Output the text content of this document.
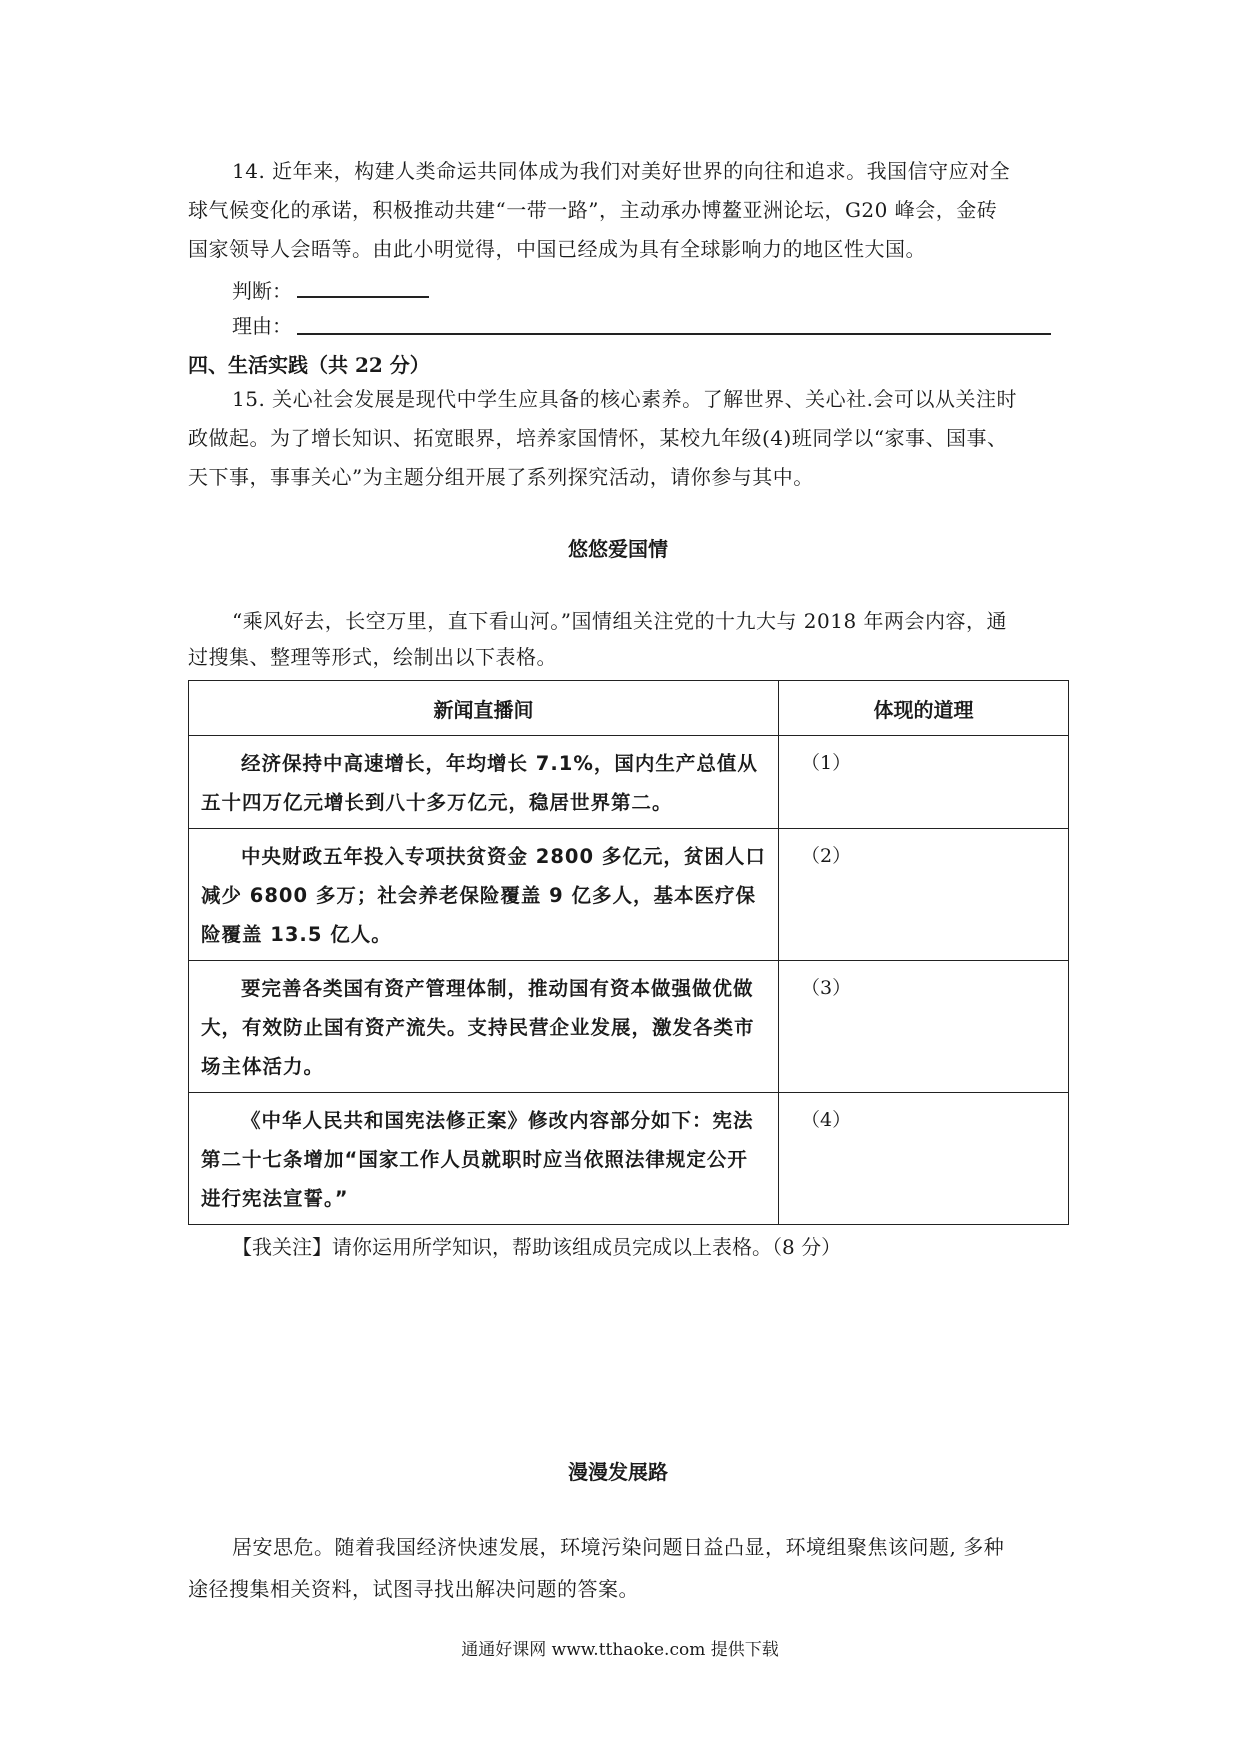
14. 近年来，构建人类命运共同体成为我们对美好世界的向往和追求。我国信守应对全
球气候变化的承诺，积极推动共建“一带一路”，主动承办博鳌亚洲论坛，G20 峰会，金砖
国家领导人会晤等。由此小明觉得，中国已经成为具有全球影响力的地区性大国。
判断：
理由：
四、生活实践（共 22 分）
15. 关心社会发展是现代中学生应具备的核心素养。了解世界、关心社.会可以从关注时
政做起。为了增长知识、拓宽眼界，培养家国情怀，某校九年级(4)班同学以“家事、国事、
天下事，事事关心”为主题分组开展了系列探究活动，请你参与其中。
悠悠爱国情
“乘风好去，长空万里，直下看山河。”国情组关注党的十九大与 2018 年两会内容，通
过搜集、整理等形式，绘制出以下表格。
新闻直播间	体现的道理

经济保持中高速增长，年均增长 7.1%，国内生产总值从五十四万亿元增长到八十多万亿元，稳居世界第二。	（1）

中央财政五年投入专项扶贫资金 2800 多亿元，贫困人口减少 6800 多万；社会养老保险覆盖 9 亿多人，基本医疗保险覆盖 13.5 亿人。	（2）

要完善各类国有资产管理体制，推动国有资本做强做优做大，有效防止国有资产流失。支持民营企业发展，激发各类市场主体活力。	（3）

《中华人民共和国宪法修正案》修改内容部分如下：宪法第二十七条增加“国家工作人员就职时应当依照法律规定公开进行宪法宣誓。”	（4）
【我关注】请你运用所学知识，帮助该组成员完成以上表格。（8 分）
漫漫发展路
居安思危。随着我国经济快速发展，环境污染问题日益凸显，环境组聚焦该问题, 多种
途径搜集相关资料，试图寻找出解决问题的答案。
通通好课网 www.tthaoke.com 提供下载
